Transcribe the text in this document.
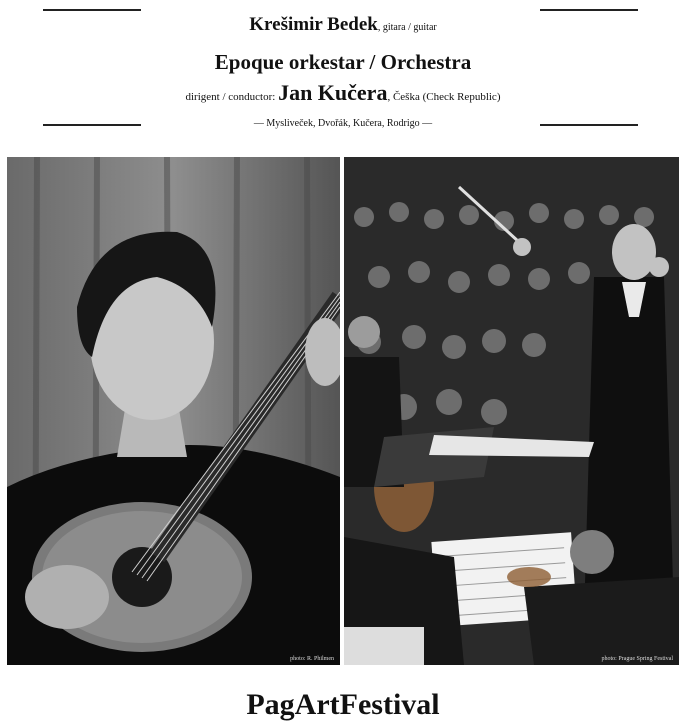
Krešimir Bedek, gitara / guitar
Epoque orkestar / Orchestra
dirigent / conductor: Jan Kučera, Češka (Check Republic)
— Mysliveček, Dvořák, Kučera, Rodrigo —
photo: R. Philmen	photo: Prague Spring Festival
PagArtFestival
